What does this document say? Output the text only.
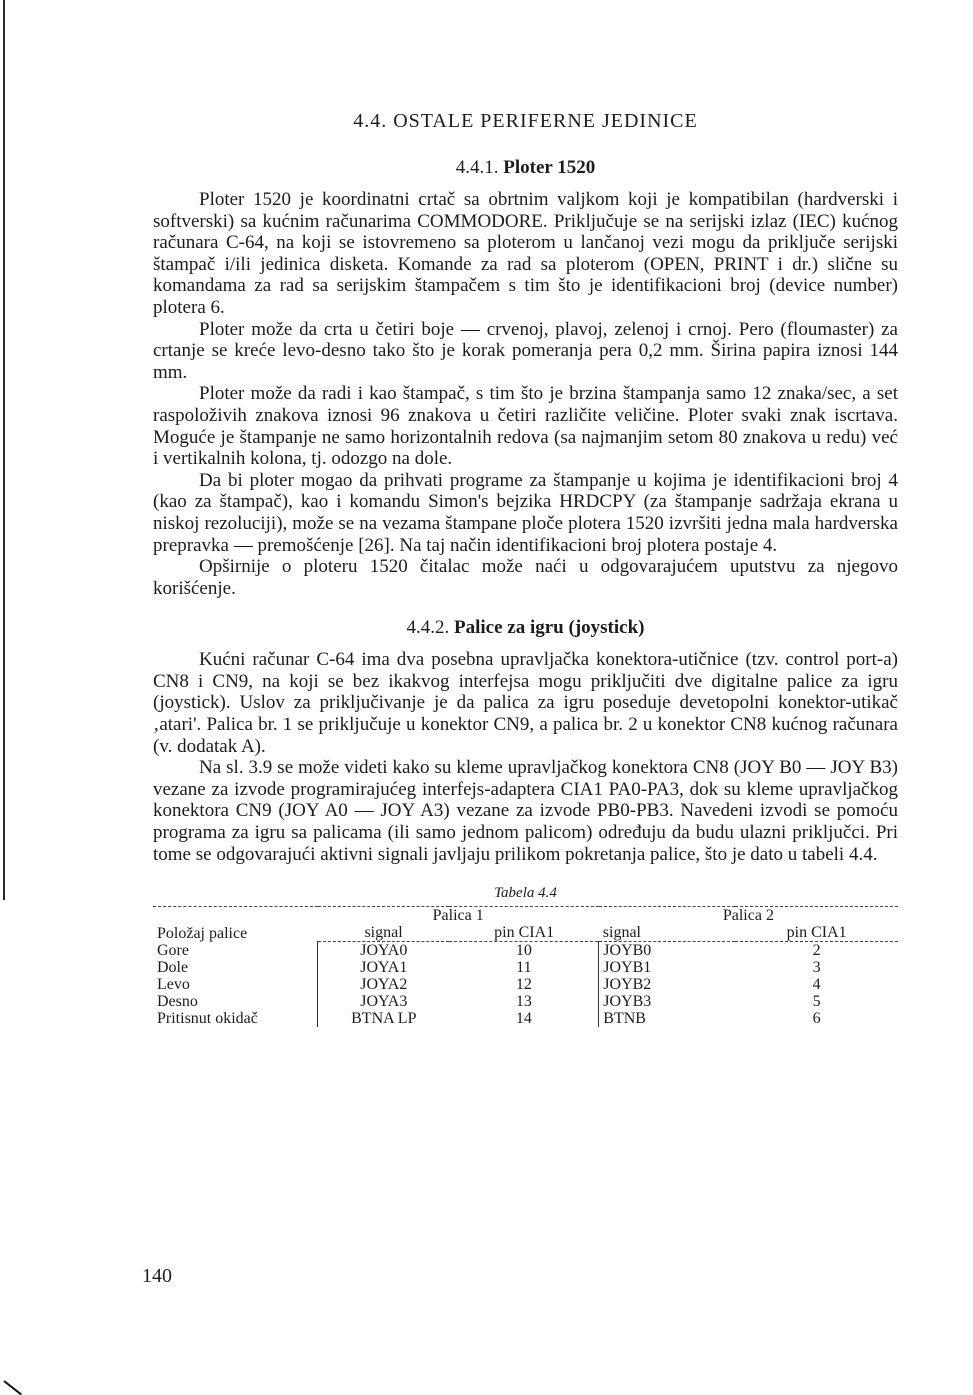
4.4. OSTALE PERIFERNE JEDINICE
4.4.1. Ploter 1520

Ploter 1520 je koordinatni crtač sa obrtnim valjkom koji je kompatibilan (hardverski i softverski) sa kućnim računarima COMMODORE. Priključuje se na serijski izlaz (IEC) kućnog računara C-64, na koji se istovremeno sa ploterom u lančanoj vezi mogu da priključe serijski štampač i/ili jedinica disketa. Komande za rad sa ploterom (OPEN, PRINT i dr.) slične su komandama za rad sa serijskim štampačem s tim što je identifikacioni broj (device number) plotera 6.

Ploter može da crta u četiri boje — crvenoj, plavoj, zelenoj i crnoj. Pero (floumaster) za crtanje se kreće levo-desno tako što je korak pomeranja pera 0,2 mm. Širina papira iznosi 144 mm.

Ploter može da radi i kao štampač, s tim što je brzina štampanja samo 12 znaka/sec, a set raspoloživih znakova iznosi 96 znakova u četiri različite veličine. Ploter svaki znak iscrtava. Moguće je štampanje ne samo horizontalnih redova (sa najmanjim setom 80 znakova u redu) već i vertikalnih kolona, tj. odozgo na dole.

Da bi ploter mogao da prihvati programe za štampanje u kojima je identifikacioni broj 4 (kao za štampač), kao i komandu Simon's bejzika HRDCPY (za štampanje sadržaja ekrana u niskoj rezoluciji), može se na vezama štampane ploče plotera 1520 izvršiti jedna mala hardverska prepravka — premošćenje [26]. Na taj način identifikacioni broj plotera postaje 4.

Opširnije o ploteru 1520 čitalac može naći u odgovarajućem uputstvu za njegovo korišćenje.

4.4.2. Palice za igru (joystick)

Kućni računar C-64 ima dva posebna upravljačka konektora-utičnice (tzv. control port-a) CN8 i CN9, na koji se bez ikakvog interfejsa mogu priključiti dve digitalne palice za igru (joystick). Uslov za priključivanje je da palica za igru poseduje devetopolni konektor-utikač ‚atari'. Palica br. 1 se priključuje u konektor CN9, a palica br. 2 u konektor CN8 kućnog računara (v. dodatak A).

Na sl. 3.9 se može videti kako su kleme upravljačkog konektora CN8 (JOY B0 — JOY B3) vezane za izvode programirajućeg interfejs-adaptera CIA1 PA0-PA3, dok su kleme upravljačkog konektora CN9 (JOY A0 — JOY A3) vezane za izvode PB0-PB3. Navedeni izvodi se pomoću programa za igru sa palicama (ili samo jednom palicom) određuju da budu ulazni priključci. Pri tome se odgovarajući aktivni signali javljaju prilikom pokretanja palice, što je dato u tabeli 4.4.

Tabela 4.4
Položaj palice	Palica 1		Palica 2	
	signal	pin CIA1	signal	pin CIA1
Gore	JOYA0	10	JOYB0	2
Dole	JOYA1	11	JOYB1	3
Levo	JOYA2	12	JOYB2	4
Desno	JOYA3	13	JOYB3	5
Pritisnut okidač	BTNA LP	14	BTNB	6
140
